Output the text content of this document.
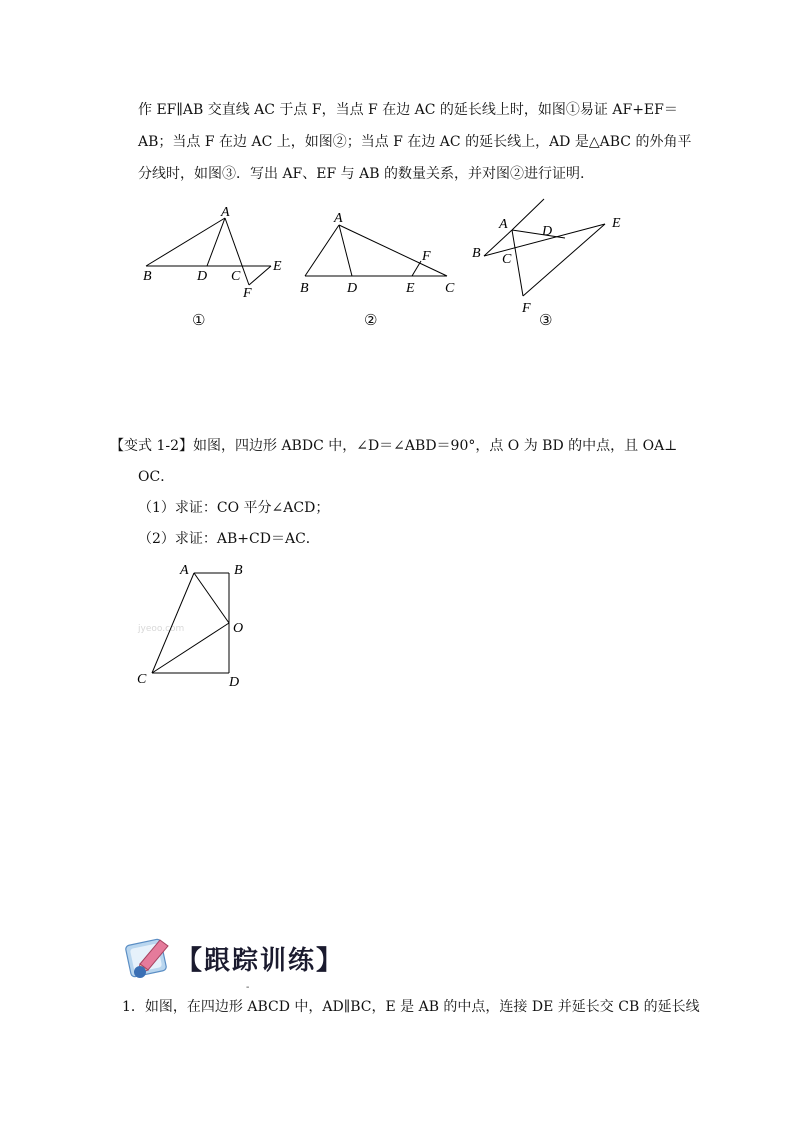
作 EF∥AB 交直线 AC 于点 F，当点 F 在边 AC 的延长线上时，如图①易证 AF+EF＝
AB；当点 F 在边 AC 上，如图②；当点 F 在边 AC 的延长线上，AD 是△ABC 的外角平
分线时，如图③．写出 AF、EF 与 AB 的数量关系，并对图②进行证明.
A
B	D C
E
F
①
A
B	D	E C
F
②
A
B C
D
E
F
③
【变式 1-2】如图，四边形 ABDC 中，∠D＝∠ABD＝90°，点 O 为 BD 的中点，且 OA⊥
OC．
（1）求证：CO 平分∠ACD；
（2）求证：AB+CD＝AC．
jyeoo.com
A	B
O
C	D
【跟踪训练】
-
1．如图，在四边形 ABCD 中，AD∥BC，E 是 AB 的中点，连接 DE 并延长交 CB 的延长线
